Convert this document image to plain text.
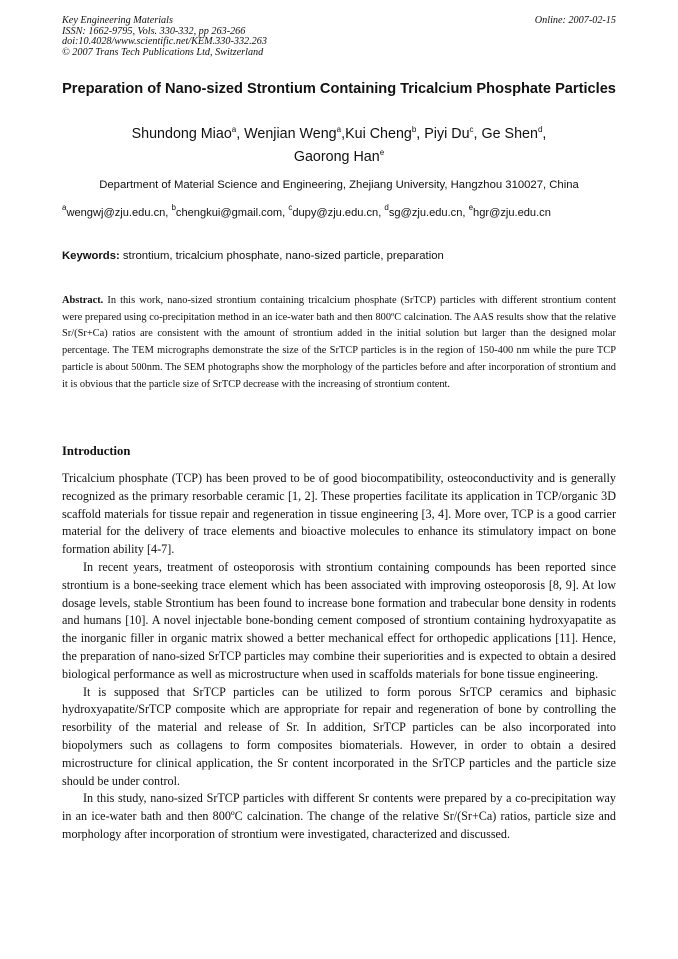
Key Engineering Materials
ISSN: 1662-9795, Vols. 330-332, pp 263-266
doi:10.4028/www.scientific.net/KEM.330-332.263
© 2007 Trans Tech Publications Ltd, Switzerland
Online: 2007-02-15
Preparation of Nano-sized Strontium Containing Tricalcium Phosphate Particles
Shundong Miao$^a$, Wenjian Weng$^a$,Kui Cheng$^b$, Piyi Du$^c$, Ge Shen$^d$,
Gaorong Han$^e$
Department of Material Science and Engineering, Zhejiang University, Hangzhou 310027, China
$^a$wengwj@zju.edu.cn, $^b$chengkui@gmail.com, $^c$dupy@zju.edu.cn, $^d$sg@zju.edu.cn, $^e$hgr@zju.edu.cn
Keywords: strontium, tricalcium phosphate, nano-sized particle, preparation
Abstract. In this work, nano-sized strontium containing tricalcium phosphate (SrTCP) particles with different strontium content were prepared using co-precipitation method in an ice-water bath and then 800ºC calcination. The AAS results show that the relative Sr/(Sr+Ca) ratios are consistent with the amount of strontium added in the initial solution but larger than the designed molar percentage. The TEM micrographs demonstrate the size of the SrTCP particles is in the region of 150-400 nm while the pure TCP particle is about 500nm. The SEM photographs show the morphology of the particles before and after incorporation of strontium and it is obvious that the particle size of SrTCP decrease with the increasing of strontium content.
Introduction

Tricalcium phosphate (TCP) has been proved to be of good biocompatibility, osteoconductivity and is generally recognized as the primary resorbable ceramic [1, 2]. These properties facilitate its application in TCP/organic 3D scaffold materials for tissue repair and regeneration in tissue engineering [3, 4]. More over, TCP is a good carrier material for the delivery of trace elements and bioactive molecules to enhance its stimulatory impact on bone formation ability [4-7].

In recent years, treatment of osteoporosis with strontium containing compounds has been reported since strontium is a bone-seeking trace element which has been associated with improving osteoporosis [8, 9]. At low dosage levels, stable Strontium has been found to increase bone formation and trabecular bone density in rodents and humans [10]. A novel injectable bone-bonding cement composed of strontium containing hydroxyapatite as the inorganic filler in organic matrix showed a better mechanical effect for orthopedic applications [11]. Hence, the preparation of nano-sized SrTCP particles may combine their superiorities and is expected to obtain a desired biological performance as well as microstructure when used in scaffolds materials for bone tissue engineering.

It is supposed that SrTCP particles can be utilized to form porous SrTCP ceramics and biphasic hydroxyapatite/SrTCP composite which are appropriate for repair and regeneration of bone by controlling the resorbility of the material and release of Sr. In addition, SrTCP particles can be also incorporated into biopolymers such as collagens to form composites biomaterials. However, in order to obtain a desired microstructure for clinical application, the Sr content incorporated in the SrTCP particles and the particle size should be under control.

In this study, nano-sized SrTCP particles with different Sr contents were prepared by a co-precipitation way in an ice-water bath and then 800ºC calcination. The change of the relative Sr/(Sr+Ca) ratios, particle size and morphology after incorporation of strontium were investigated, characterized and discussed.
